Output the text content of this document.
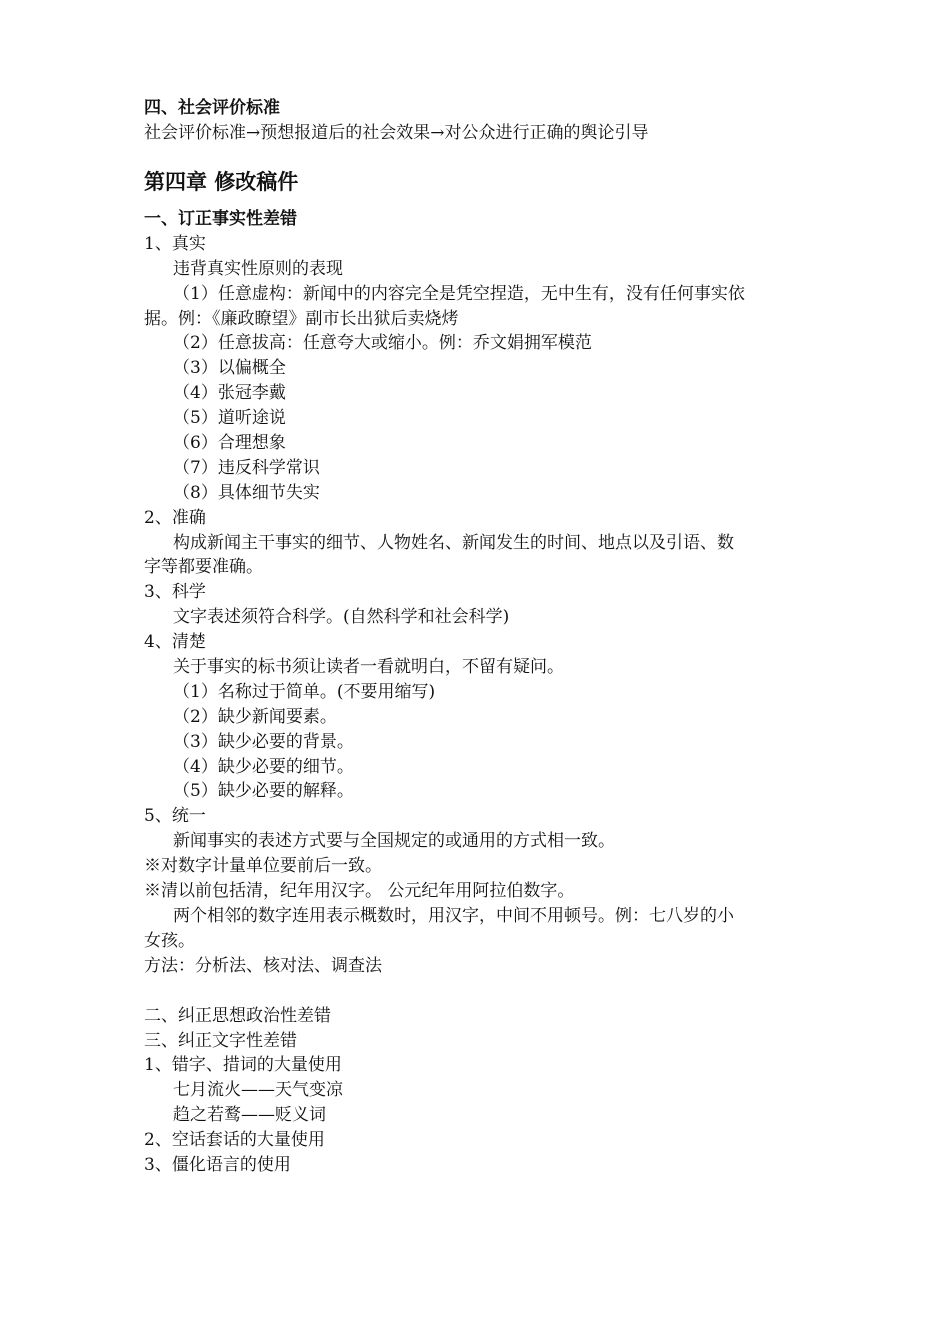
四、社会评价标准
社会评价标准→预想报道后的社会效果→对公众进行正确的舆论引导
第四章 修改稿件
一、订正事实性差错
1、真实
违背真实性原则的表现
（1）任意虚构：新闻中的内容完全是凭空捏造，无中生有，没有任何事实依
据。例：《廉政瞭望》副市长出狱后卖烧烤
（2）任意拔高：任意夸大或缩小。例：乔文娟拥军模范
（3）以偏概全
（4）张冠李戴
（5）道听途说
（6）合理想象
（7）违反科学常识
（8）具体细节失实
2、准确
构成新闻主干事实的细节、人物姓名、新闻发生的时间、地点以及引语、数
字等都要准确。
3、科学
文字表述须符合科学。(自然科学和社会科学)
4、清楚
关于事实的标书须让读者一看就明白，不留有疑问。
（1）名称过于简单。(不要用缩写)
（2）缺少新闻要素。
（3）缺少必要的背景。
（4）缺少必要的细节。
（5）缺少必要的解释。
5、统一
新闻事实的表述方式要与全国规定的或通用的方式相一致。
※对数字计量单位要前后一致。
※清以前包括清，纪年用汉字。 公元纪年用阿拉伯数字。
两个相邻的数字连用表示概数时，用汉字，中间不用顿号。例：七八岁的小
女孩。
方法：分析法、核对法、调查法
二、纠正思想政治性差错
三、纠正文字性差错
1、错字、措词的大量使用
七月流火——天气变凉
趋之若鹜——贬义词
2、空话套话的大量使用
3、僵化语言的使用
